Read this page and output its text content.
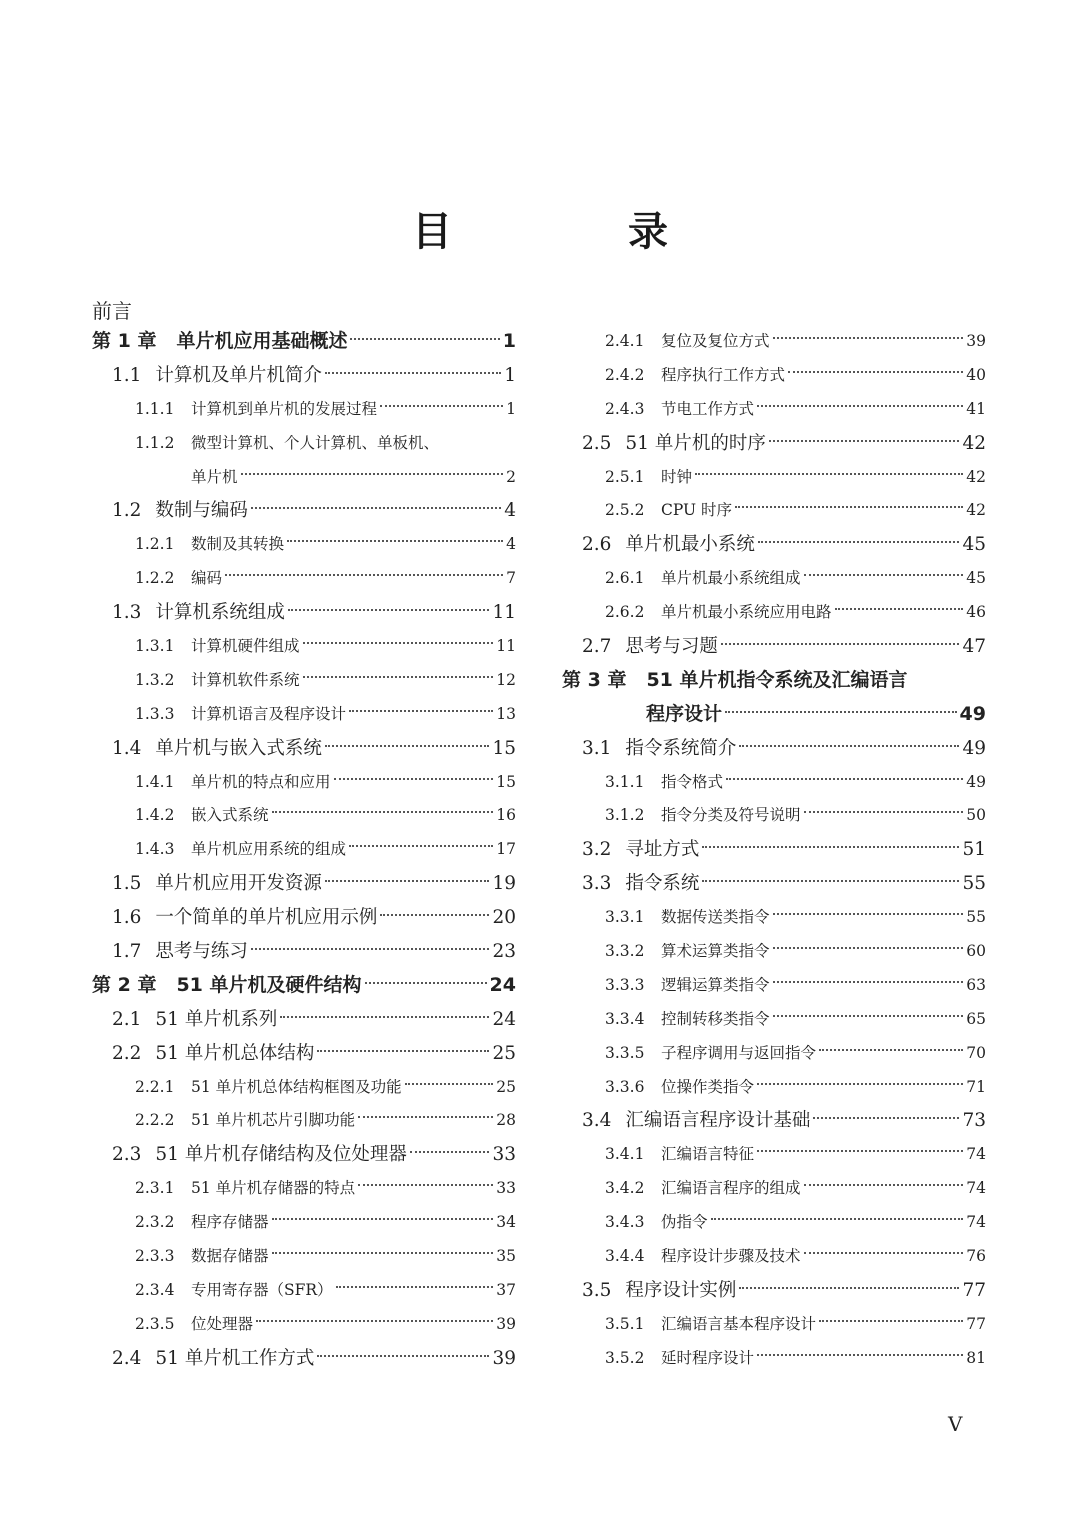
目　录
前言
第 1 章 单片机应用基础概述	1
1.1 计算机及单片机简介	1
1.1.1 计算机到单片机的发展过程	1
1.1.2 微型计算机、个人计算机、单板机、
单片机	2
1.2 数制与编码	4
1.2.1 数制及其转换	4
1.2.2 编码	7
1.3 计算机系统组成	11
1.3.1 计算机硬件组成	11
1.3.2 计算机软件系统	12
1.3.3 计算机语言及程序设计	13
1.4 单片机与嵌入式系统	15
1.4.1 单片机的特点和应用	15
1.4.2 嵌入式系统	16
1.4.3 单片机应用系统的组成	17
1.5 单片机应用开发资源	19
1.6 一个简单的单片机应用示例	20
1.7 思考与练习	23
第 2 章 51 单片机及硬件结构	24
2.1 51 单片机系列	24
2.2 51 单片机总体结构	25
2.2.1 51 单片机总体结构框图及功能	25
2.2.2 51 单片机芯片引脚功能	28
2.3 51 单片机存储结构及位处理器	33
2.3.1 51 单片机存储器的特点	33
2.3.2 程序存储器	34
2.3.3 数据存储器	35
2.3.4 专用寄存器（SFR）	37
2.3.5 位处理器	39
2.4 51 单片机工作方式	39
2.4.1 复位及复位方式	39
2.4.2 程序执行工作方式	40
2.4.3 节电工作方式	41
2.5 51 单片机的时序	42
2.5.1 时钟	42
2.5.2 CPU 时序	42
2.6 单片机最小系统	45
2.6.1 单片机最小系统组成	45
2.6.2 单片机最小系统应用电路	46
2.7 思考与习题	47
第 3 章 51 单片机指令系统及汇编语言
程序设计	49
3.1 指令系统简介	49
3.1.1 指令格式	49
3.1.2 指令分类及符号说明	50
3.2 寻址方式	51
3.3 指令系统	55
3.3.1 数据传送类指令	55
3.3.2 算术运算类指令	60
3.3.3 逻辑运算类指令	63
3.3.4 控制转移类指令	65
3.3.5 子程序调用与返回指令	70
3.3.6 位操作类指令	71
3.4 汇编语言程序设计基础	73
3.4.1 汇编语言特征	74
3.4.2 汇编语言程序的组成	74
3.4.3 伪指令	74
3.4.4 程序设计步骤及技术	76
3.5 程序设计实例	77
3.5.1 汇编语言基本程序设计	77
3.5.2 延时程序设计	81
V
